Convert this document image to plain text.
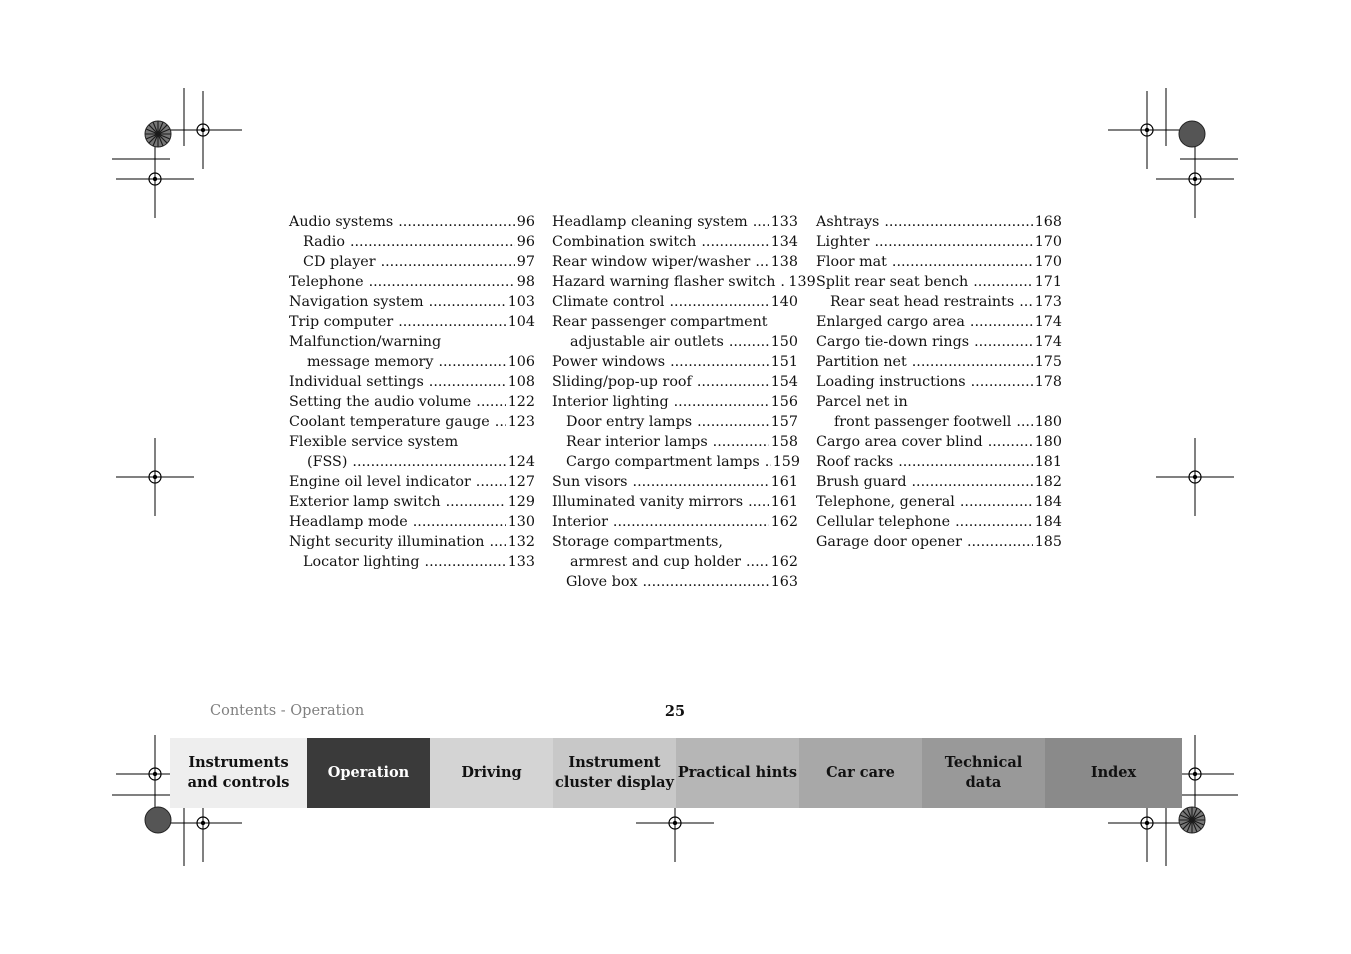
Audio systems .....	96
Radio .....	96
CD player .....	97
Telephone .....	98
Navigation system .....	103
Trip computer .....	104
Malfunction/warning
message memory .....	106
Individual settings .....	108
Setting the audio volume .....	122
Coolant temperature gauge ..... 123
Flexible service system
(FSS) .....	124
Engine oil level indicator .....	127
Exterior lamp switch .....	129
Headlamp mode .....	130
Night security illumination ..... 132
Locator lighting .....	133
Headlamp cleaning system ..... 133
Combination switch .....	134
Rear window wiper/washer ..... 138
Hazard warning flasher switch ..... 139
Climate control .....	140
Rear passenger compartment
adjustable air outlets .....	150
Power windows .....	151
Sliding/pop-up roof .....	154
Interior lighting .....	156
Door entry lamps .....	157
Rear interior lamps .....	158
Cargo compartment lamps ..... 159
Sun visors .....	161
Illuminated vanity mirrors ..... 161
Interior .....	162
Storage compartments,
armrest and cup holder ..... 162
Glove box .....	163
Ashtrays .....	168
Lighter .....	170
Floor mat .....	170
Split rear seat bench .....	171
Rear seat head restraints ..... 173
Enlarged cargo area .....	174
Cargo tie-down rings .....	174
Partition net .....	175
Loading instructions .....	178
Parcel net in
front passenger footwell ..... 180
Cargo area cover blind .....	180
Roof racks .....	181
Brush guard .....	182
Telephone, general .....	184
Cellular telephone .....	184
Garage door opener .....	185
Contents - Operation	25
Instruments
and controls
Operation	Driving
Instrument
cluster display
Practical hints Car care
Technical
data
Index
